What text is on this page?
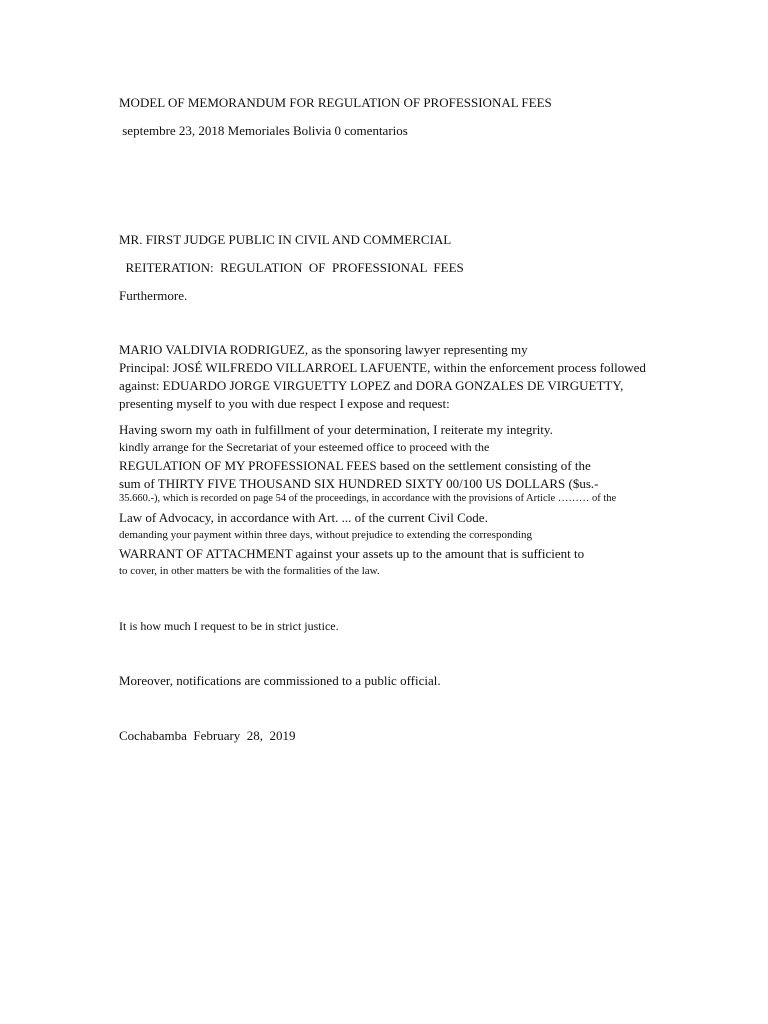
MODEL OF MEMORANDUM FOR REGULATION OF PROFESSIONAL FEES

septembre 23, 2018 Memoriales Bolivia 0 comentarios

MR. FIRST JUDGE PUBLIC IN CIVIL AND COMMERCIAL

REITERATION:  REGULATION  OF  PROFESSIONAL  FEES

Furthermore.

MARIO VALDIVIA RODRIGUEZ, as the sponsoring lawyer representing my

Principal: JOSÉ WILFREDO VILLARROEL LAFUENTE, within the enforcement process followed

against: EDUARDO JORGE VIRGUETTY LOPEZ and DORA GONZALES DE VIRGUETTY,

presenting myself to you with due respect I expose and request:

Having sworn my oath in fulfillment of your determination, I reiterate my integrity.

kindly arrange for the Secretariat of your esteemed office to proceed with the

REGULATION OF MY PROFESSIONAL FEES based on the settlement consisting of the

sum of THIRTY FIVE THOUSAND SIX HUNDRED SIXTY 00/100 US DOLLARS ($us.-

35.660.-), which is recorded on page 54 of the proceedings, in accordance with the provisions of Article ……… of the

Law of Advocacy, in accordance with Art. ... of the current Civil Code.

demanding your payment within three days, without prejudice to extending the corresponding

WARRANT OF ATTACHMENT against your assets up to the amount that is sufficient to

to cover, in other matters be with the formalities of the law.

It is how much I request to be in strict justice.

Moreover, notifications are commissioned to a public official.

Cochabamba  February  28,  2019
